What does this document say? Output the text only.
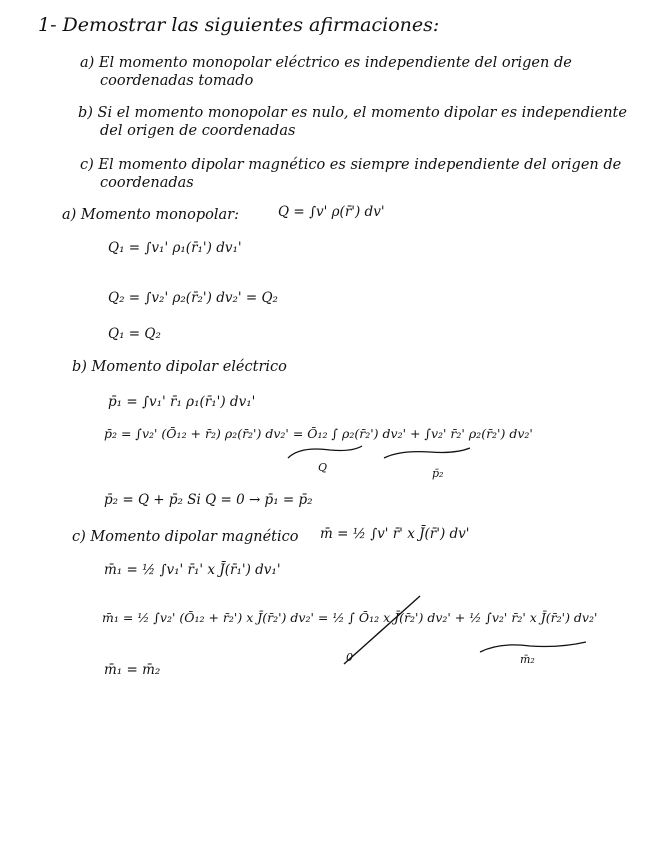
1- Demostrar las siguientes afirmaciones:
a) El momento monopolar eléctrico es independiente del origen de
coordenadas tomado
b) Si el momento monopolar es nulo, el momento dipolar es independiente
del origen de coordenadas
c) El momento dipolar magnético es siempre independiente del origen de
coordenadas
a) Momento monopolar:	Q = ∫v' ρ(r̄') dv'
Q₁ = ∫v₁' ρ₁(r̄₁') dv₁'
Q₂ = ∫v₂' ρ₂(r̄₂') dv₂' = Q₂
Q₁ = Q₂
b) Momento dipolar eléctrico
p̄₁ = ∫v₁' r̄₁ ρ₁(r̄₁') dv₁'
p̄₂ = ∫v₂' (Ō₁₂ + r̄₂) ρ₂(r̄₂') dv₂' = Ō₁₂ ∫ ρ₂(r̄₂') dv₂' + ∫v₂' r̄₂' ρ₂(r̄₂') dv₂'
Q	p̄₂
p̄₂ = Q + p̄₂ Si Q = 0 → p̄₁ = p̄₂
c) Momento dipolar magnético m̄ = ½ ∫v' r̄' x J̄(r̄') dv'
m̄₁ = ½ ∫v₁' r̄₁' x J̄(r̄₁') dv₁'
m̄₁ = ½ ∫v₂' (Ō₁₂ + r̄₂') x J̄(r̄₂') dv₂' = ½ ∫ Ō₁₂ x J̄(r̄₂') dv₂' + ½ ∫v₂' r̄₂' x J̄(r̄₂') dv₂'
0	m̄₂
m̄₁ = m̄₂
